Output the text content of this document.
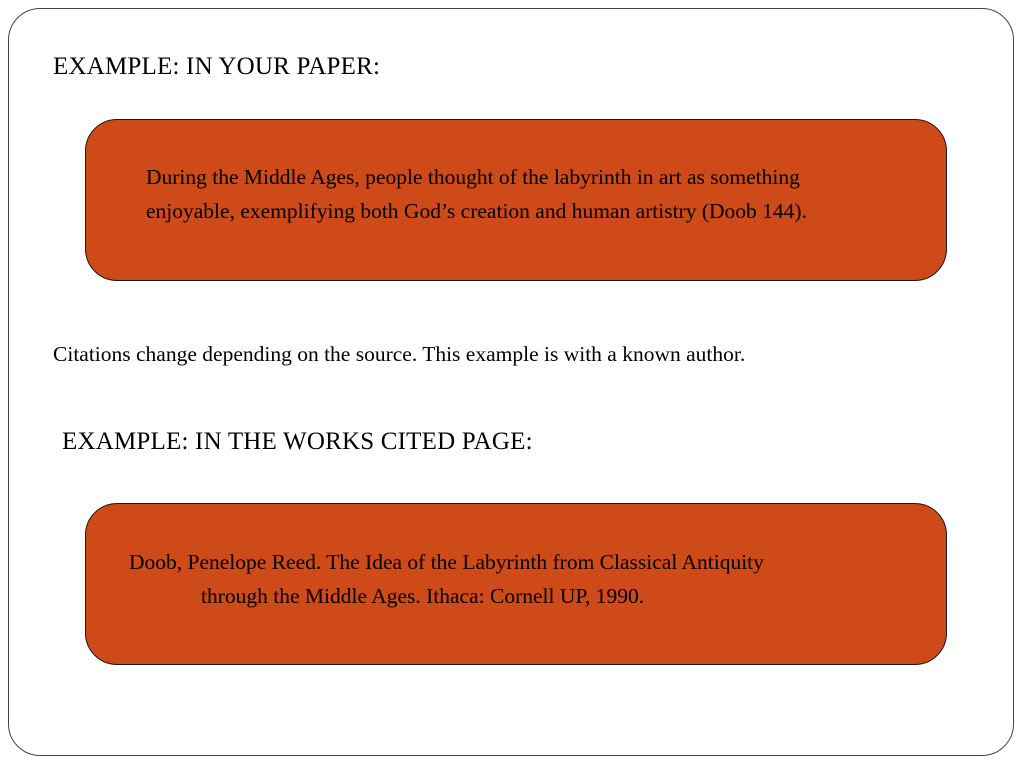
EXAMPLE: IN YOUR PAPER:

During the Middle Ages, people thought of the labyrinth in art as something enjoyable, exemplifying both God’s creation and human artistry (Doob 144).

Citations change depending on the source. This example is with a known author.

EXAMPLE: IN THE WORKS CITED PAGE:

Doob, Penelope Reed. The Idea of the Labyrinth from Classical Antiquity
through the Middle Ages. Ithaca: Cornell UP, 1990.
